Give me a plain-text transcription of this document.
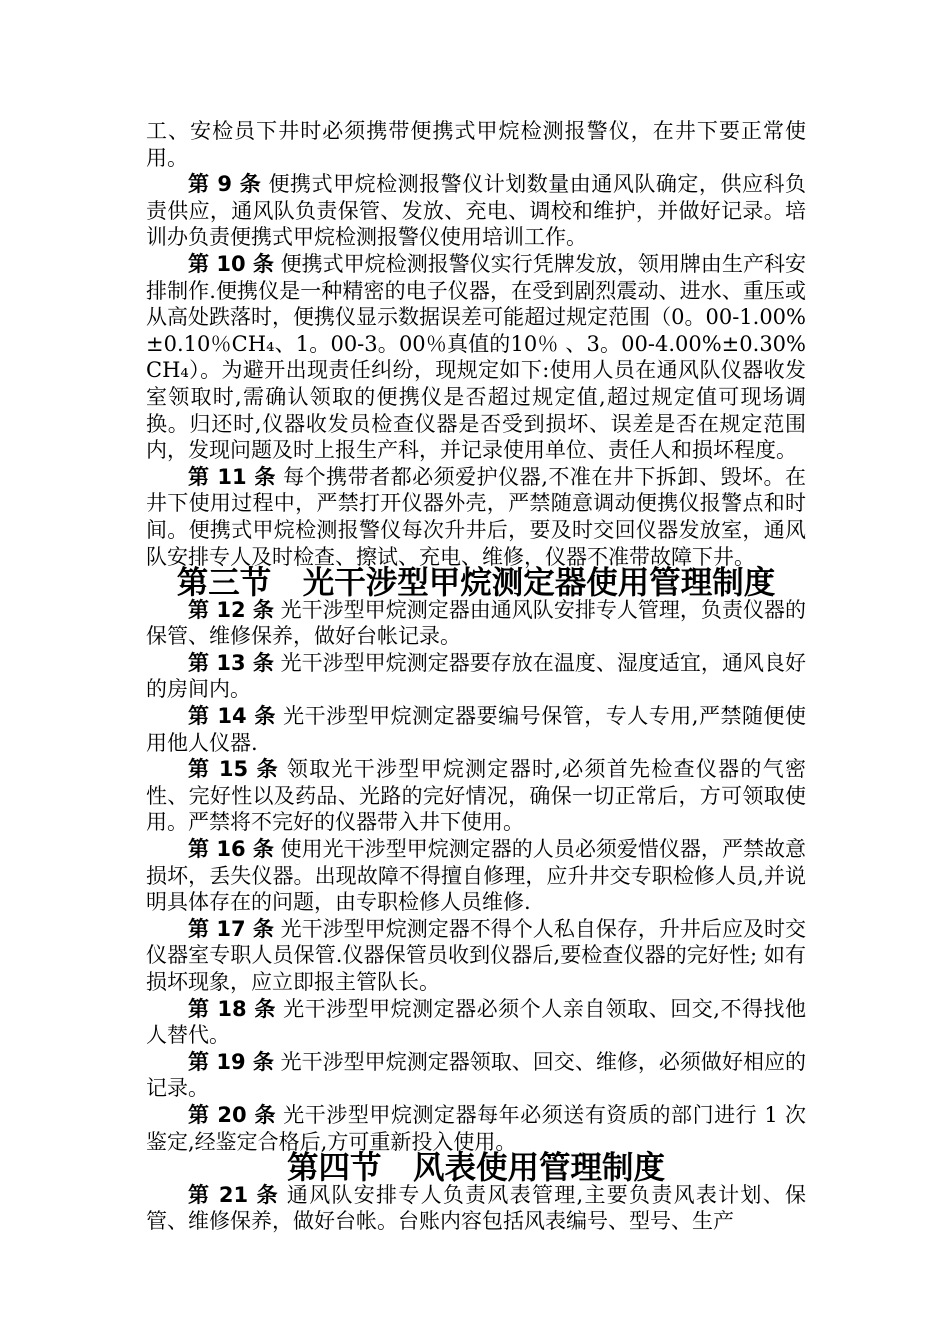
工、安检员下井时必须携带便携式甲烷检测报警仪，在井下要正常使用。

第 9 条 便携式甲烷检测报警仪计划数量由通风队确定，供应科负责供应，通风队负责保管、发放、充电、调校和维护，并做好记录。培训办负责便携式甲烷检测报警仪使用培训工作。

第 10 条 便携式甲烷检测报警仪实行凭牌发放，领用牌由生产科安排制作.便携仪是一种精密的电子仪器，在受到剧烈震动、进水、重压或从高处跌落时，便携仪显示数据误差可能超过规定范围（0。00-1.00%±0.10％CH₄、1。00-3。00％真值的10％ 、3。00-4.00%±0.30% CH₄）。为避开出现责任纠纷，现规定如下:使用人员在通风队仪器收发室领取时,需确认领取的便携仪是否超过规定值,超过规定值可现场调换。归还时,仪器收发员检查仪器是否受到损坏、误差是否在规定范围内，发现问题及时上报生产科，并记录使用单位、责任人和损坏程度。

第 11 条 每个携带者都必须爱护仪器,不准在井下拆卸、毁坏。在井下使用过程中，严禁打开仪器外壳，严禁随意调动便携仪报警点和时间。便携式甲烷检测报警仪每次升井后，要及时交回仪器发放室，通风队安排专人及时检查、擦试、充电、维修，仪器不准带故障下井。

第三节　光干涉型甲烷测定器使用管理制度

第 12 条 光干涉型甲烷测定器由通风队安排专人管理，负责仪器的保管、维修保养，做好台帐记录。

第 13 条 光干涉型甲烷测定器要存放在温度、湿度适宜，通风良好的房间内。

第 14 条 光干涉型甲烷测定器要编号保管，专人专用,严禁随便使用他人仪器.

第 15 条 领取光干涉型甲烷测定器时,必须首先检查仪器的气密性、完好性以及药品、光路的完好情况，确保一切正常后，方可领取使用。严禁将不完好的仪器带入井下使用。

第 16 条 使用光干涉型甲烷测定器的人员必须爱惜仪器，严禁故意损坏，丢失仪器。出现故障不得擅自修理，应升井交专职检修人员,并说明具体存在的问题，由专职检修人员维修.

第 17 条 光干涉型甲烷测定器不得个人私自保存，升井后应及时交仪器室专职人员保管.仪器保管员收到仪器后,要检查仪器的完好性; 如有损坏现象，应立即报主管队长。

第 18 条 光干涉型甲烷测定器必须个人亲自领取、回交,不得找他人替代。

第 19 条 光干涉型甲烷测定器领取、回交、维修，必须做好相应的记录。

第 20 条 光干涉型甲烷测定器每年必须送有资质的部门进行 1 次鉴定,经鉴定合格后,方可重新投入使用。

第四节　风表使用管理制度

第 21 条 通风队安排专人负责风表管理,主要负责风表计划、保管、维修保养，做好台帐。台账内容包括风表编号、型号、生产
